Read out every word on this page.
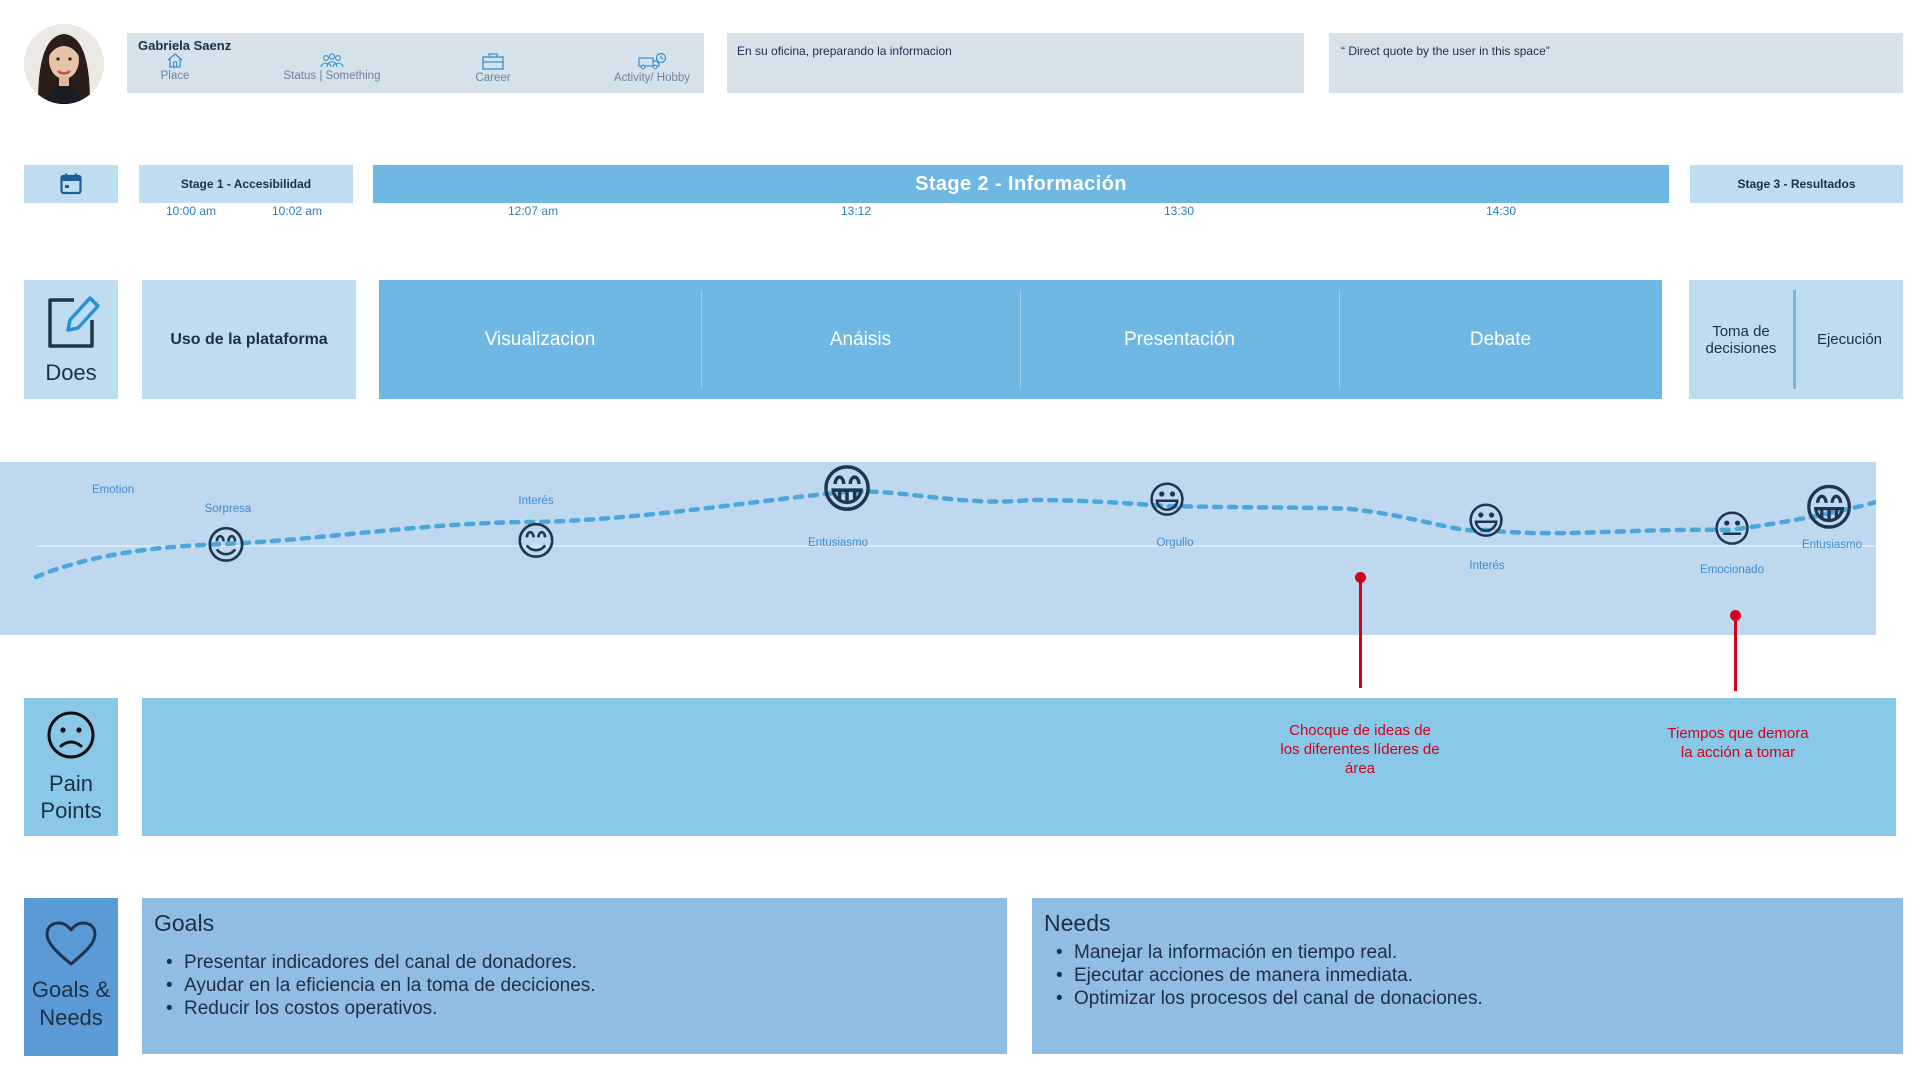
Gabriela Saenz
Place	Status | Something	Career	Activity/ Hobby
En su oficina, preparando la informacion	“ Direct quote by the user in this space”
Stage 1 - Accesibilidad	Stage 2 - Información	Stage 3 - Resultados
10:00 am	10:02 am	12:07 am	13:12	13:30	14:30
Does
Uso de la plataforma	Visualizacion	Anáisis	Presentación	Debate	Toma de decisiones	Ejecución
Emotion
Sorpresa
😊
Interés
😊
😁
Entusiasmo
😃
Orgullo	😃
Interés
😐
Emocionado
😁
Entusiasmo
Pain Points
Chocque de ideas de los diferentes líderes de área
Tiempos que demora la acción a tomar
Goals & Needs
Goals
• Presentar indicadores del canal de donadores.
• Ayudar en la eficiencia en la toma de deciciones.
• Reducir los costos operativos.
Needs
• Manejar la información en tiempo real.
• Ejecutar acciones de manera inmediata.
• Optimizar los procesos del canal de donaciones.
